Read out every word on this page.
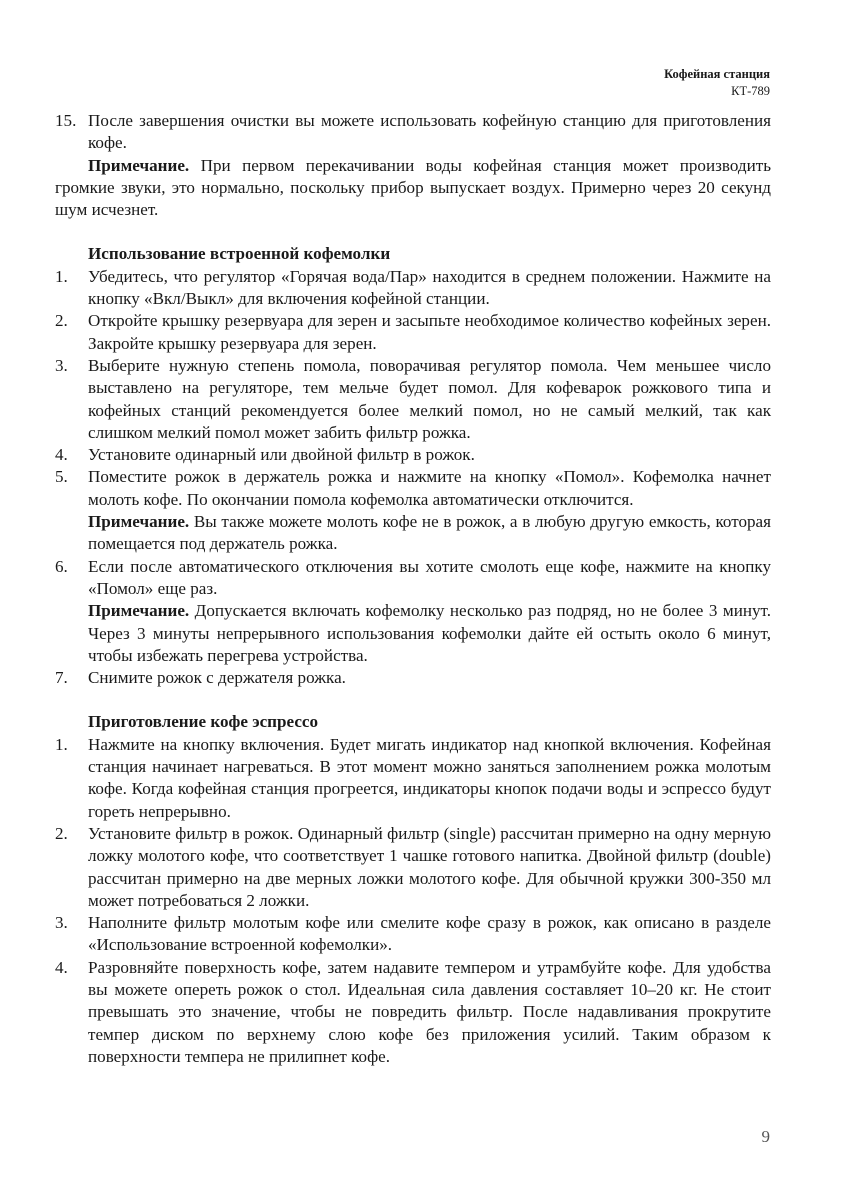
Кофейная станция
КТ-789
15. После завершения очистки вы можете использовать кофейную станцию для приготовления кофе.

Примечание. При первом перекачивании воды кофейная станция может производить громкие звуки, это нормально, поскольку прибор выпускает воздух. Примерно через 20 секунд шум исчезнет.

Использование встроенной кофемолки

1. Убедитесь, что регулятор «Горячая вода/Пар» находится в среднем положении. Нажмите на кнопку «Вкл/Выкл» для включения кофейной станции.
2. Откройте крышку резервуара для зерен и засыпьте необходимое количество кофейных зерен. Закройте крышку резервуара для зерен.
3. Выберите нужную степень помола, поворачивая регулятор помола. Чем меньшее число выставлено на регуляторе, тем мельче будет помол. Для кофеварок рожкового типа и кофейных станций рекомендуется более мелкий помол, но не самый мелкий, так как слишком мелкий помол может забить фильтр рожка.
4. Установите одинарный или двойной фильтр в рожок.
5. Поместите рожок в держатель рожка и нажмите на кнопку «Помол». Кофемолка начнет молоть кофе. По окончании помола кофемолка автоматически отключится.

Примечание. Вы также можете молоть кофе не в рожок, а в любую другую емкость, которая помещается под держатель рожка.

6. Если после автоматического отключения вы хотите смолоть еще кофе, нажмите на кнопку «Помол» еще раз.

Примечание. Допускается включать кофемолку несколько раз подряд, но не более 3 минут. Через 3 минуты непрерывного использования кофемолки дайте ей остыть около 6 минут, чтобы избежать перегрева устройства.

7. Снимите рожок с держателя рожка.

Приготовление кофе эспрессо

1. Нажмите на кнопку включения. Будет мигать индикатор над кнопкой включения. Кофейная станция начинает нагреваться. В этот момент можно заняться заполнением рожка молотым кофе. Когда кофейная станция прогреется, индикаторы кнопок подачи воды и эспрессо будут гореть непрерывно.
2. Установите фильтр в рожок. Одинарный фильтр (single) рассчитан примерно на одну мерную ложку молотого кофе, что соответствует 1 чашке готового напитка. Двойной фильтр (double) рассчитан примерно на две мерных ложки молотого кофе. Для обычной кружки 300-350 мл может потребоваться 2 ложки.
3. Наполните фильтр молотым кофе или смелите кофе сразу в рожок, как описано в разделе «Использование встроенной кофемолки».
4. Разровняйте поверхность кофе, затем надавите темпером и утрамбуйте кофе. Для удобства вы можете опереть рожок о стол. Идеальная сила давления составляет 10–20 кг. Не стоит превышать это значение, чтобы не повредить фильтр. После надавливания прокрутите темпер диском по верхнему слою кофе без приложения усилий. Таким образом к поверхности темпера не прилипнет кофе.
9
